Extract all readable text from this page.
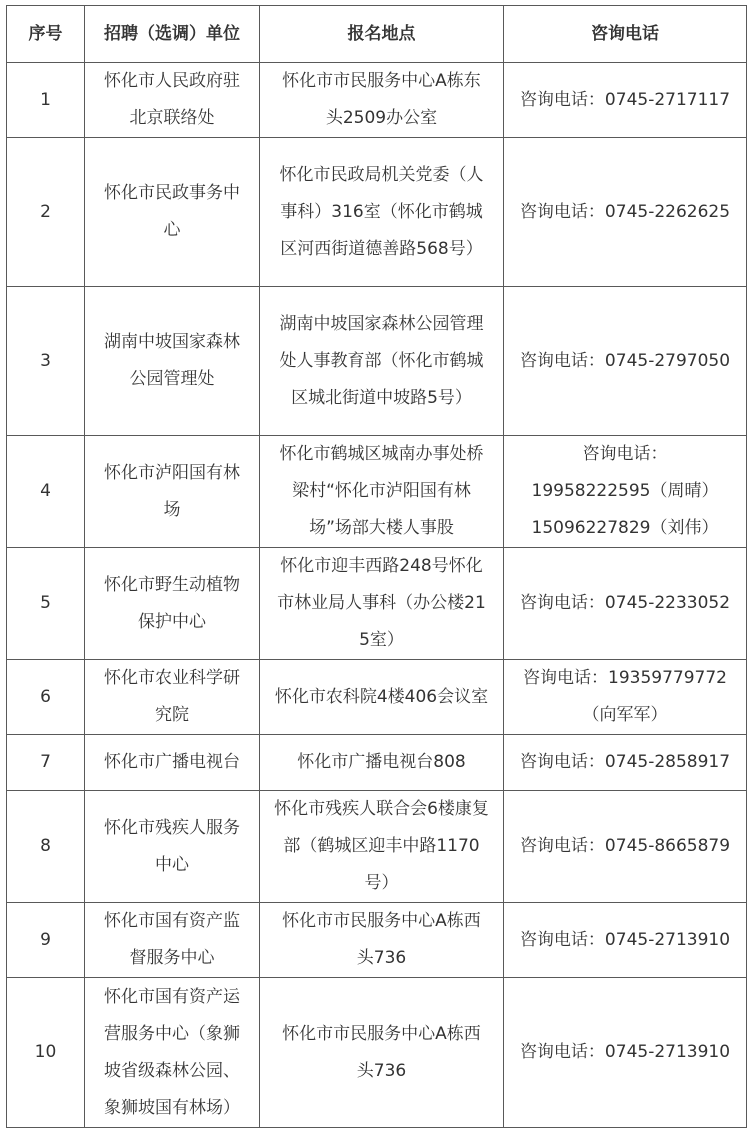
序号	招聘（选调）单位	报名地点	咨询电话
1	怀化市人民政府驻北京联络处	怀化市市民服务中心A栋东头2509办公室	咨询电话：0745-2717117

2	怀化市民政事务中心	怀化市民政局机关党委（人事科）316室（怀化市鹤城区河西街道德善路568号）	咨询电话：0745-2262625

3	湖南中坡国家森林公园管理处	湖南中坡国家森林公园管理处人事教育部（怀化市鹤城区城北街道中坡路5号）	咨询电话：0745-2797050

4	怀化市泸阳国有林场	怀化市鹤城区城南办事处桥梁村“怀化市泸阳国有林场”场部大楼人事股	咨询电话：
19958222595（周晴）
15096227829（刘伟）

5	怀化市野生动植物保护中心	怀化市迎丰西路248号怀化市林业局人事科（办公楼215室）	咨询电话：0745-2233052

6	怀化市农业科学研究院	怀化市农科院4楼406会议室	咨询电话：19359779772
（向军军）

7	怀化市广播电视台	怀化市广播电视台808	咨询电话：0745-2858917

8	怀化市残疾人服务中心	怀化市残疾人联合会6楼康复部（鹤城区迎丰中路1170号）	咨询电话：0745-8665879

9	怀化市国有资产监督服务中心	怀化市市民服务中心A栋西头736	咨询电话：0745-2713910

10	怀化市国有资产运营服务中心（象狮坡省级森林公园、象狮坡国有林场）	怀化市市民服务中心A栋西头736	咨询电话：0745-2713910
